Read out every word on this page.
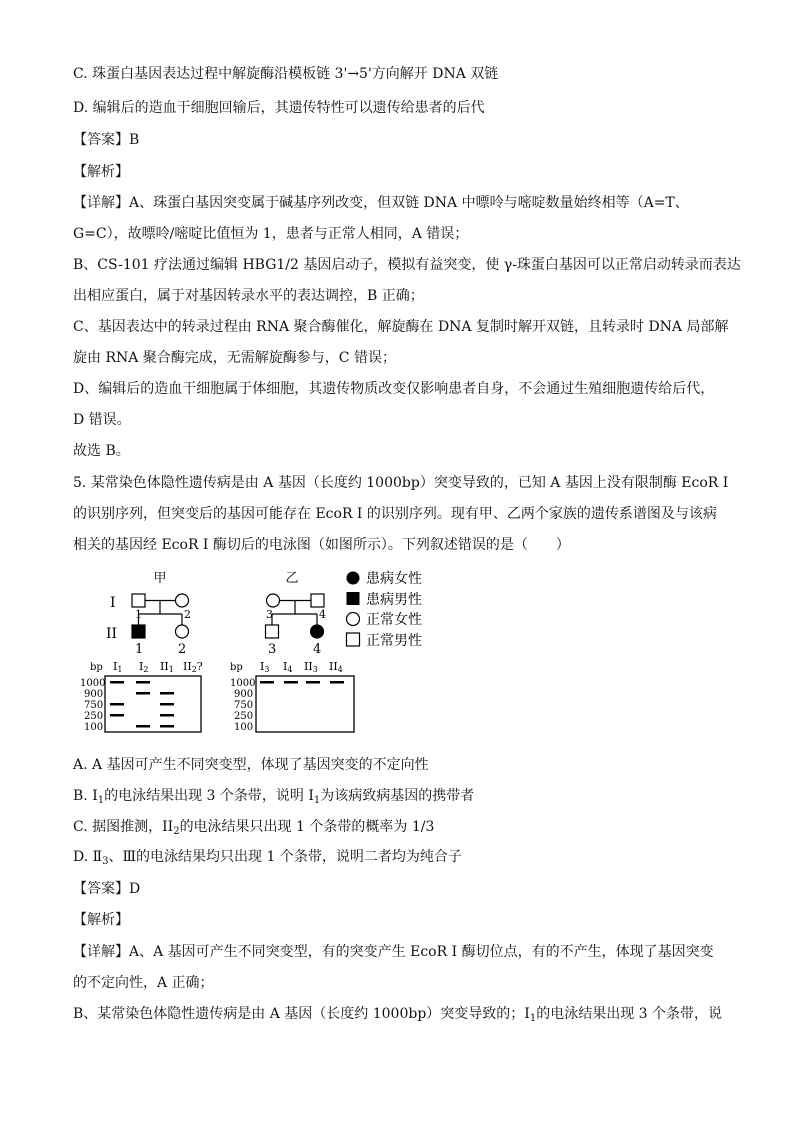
C. 珠蛋白基因表达过程中解旋酶沿模板链 3'→5'方向解开 DNA 双链
D. 编辑后的造血干细胞回输后，其遗传特性可以遗传给患者的后代
【答案】B
【解析】
【详解】A、珠蛋白基因突变属于碱基序列改变，但双链 DNA 中嘌呤与嘧啶数量始终相等（A=T、
G=C），故嘌呤/嘧啶比值恒为 1，患者与正常人相同，A 错误；
B、CS-101 疗法通过编辑 HBG1/2 基因启动子，模拟有益突变，使 γ-珠蛋白基因可以正常启动转录而表达
出相应蛋白，属于对基因转录水平的表达调控，B 正确；
C、基因表达中的转录过程由 RNA 聚合酶催化，解旋酶在 DNA 复制时解开双链，且转录时 DNA 局部解
旋由 RNA 聚合酶完成，无需解旋酶参与，C 错误；
D、编辑后的造血干细胞属于体细胞，其遗传物质改变仅影响患者自身，不会通过生殖细胞遗传给后代，
D 错误。
故选 B。
5. 某常染色体隐性遗传病是由 A 基因（长度约 1000bp）突变导致的，已知 A 基因上没有限制酶 EcoR I
的识别序列，但突变后的基因可能存在 EcoR I 的识别序列。现有甲、乙两个家族的遗传系谱图及与该病
相关的基因经 EcoR I 酶切后的电泳图（如图所示）。下列叙述错误的是（　　）
A. A 基因可产生不同突变型，体现了基因突变的不定向性
B. $I_1$的电泳结果出现 3 个条带，说明 $I_1$为该病致病基因的携带者
C. 据图推测，$II_2$的电泳结果只出现 1 个条带的概率为 1/3
D. $Ⅱ_3$、Ⅲ的电泳结果均只出现 1 个条带，说明二者均为纯合子
【答案】D
【解析】
【详解】A、A 基因可产生不同突变型，有的突变产生 EcoR I 酶切位点，有的不产生，体现了基因突变
的不定向性，A 正确；
B、某常染色体隐性遗传病是由 A 基因（长度约 1000bp）突变导致的；$Ⅰ_1$的电泳结果出现 3 个条带，说
甲
I
II
1	2
1	2
乙
3	4
3	4
患病女性
患病男性
正常女性
正常男性
bp I1 I2 II1 II2?
1000
900
750
250
100
bp I3 I4 II3 II4
1000
900
750
250
100
